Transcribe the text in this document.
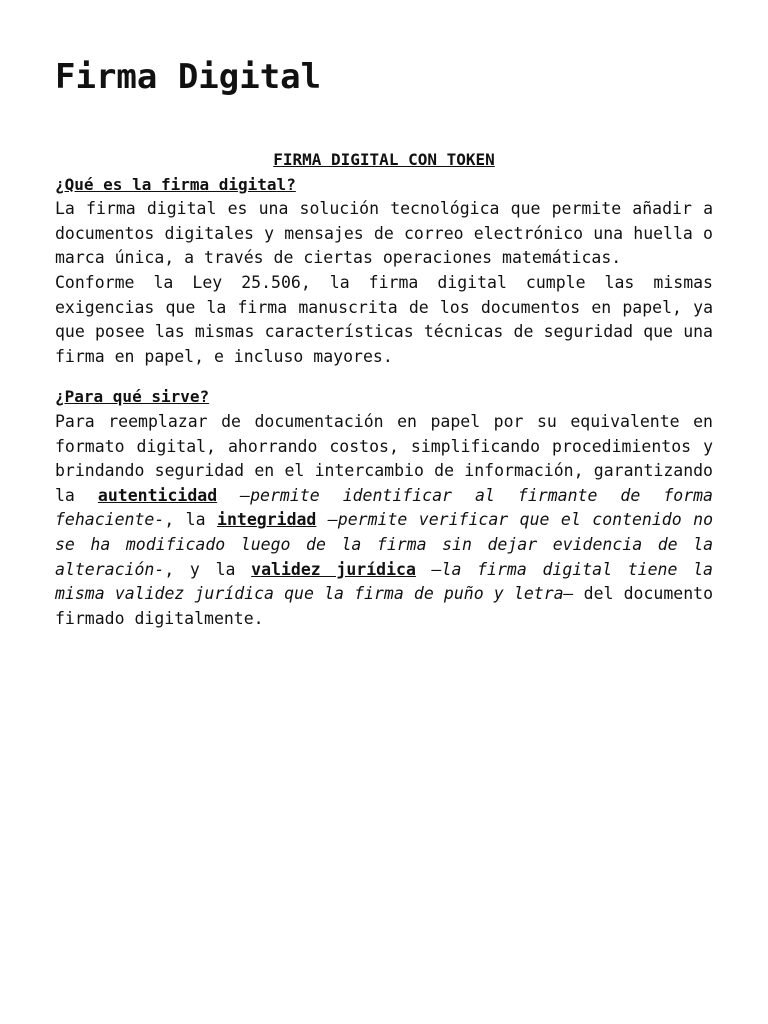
Firma Digital

FIRMA DIGITAL CON TOKEN

¿Qué es la firma digital?

La firma digital es una solución tecnológica que permite añadir a documentos digitales y mensajes de correo electrónico una huella o marca única, a través de ciertas operaciones matemáticas.

Conforme la Ley 25.506, la firma digital cumple las mismas exigencias que la firma manuscrita de los documentos en papel, ya que posee las mismas características técnicas de seguridad que una firma en papel, e incluso mayores.

¿Para qué sirve?

Para reemplazar de documentación en papel por su equivalente en formato digital, ahorrando costos, simplificando procedimientos y brindando seguridad en el intercambio de información, garantizando la autenticidad –permite identificar al firmante de forma fehaciente-, la integridad –permite verificar que el contenido no se ha modificado luego de la firma sin dejar evidencia de la alteración-, y la validez jurídica –la firma digital tiene la misma validez jurídica que la firma de puño y letra– del documento firmado digitalmente.
